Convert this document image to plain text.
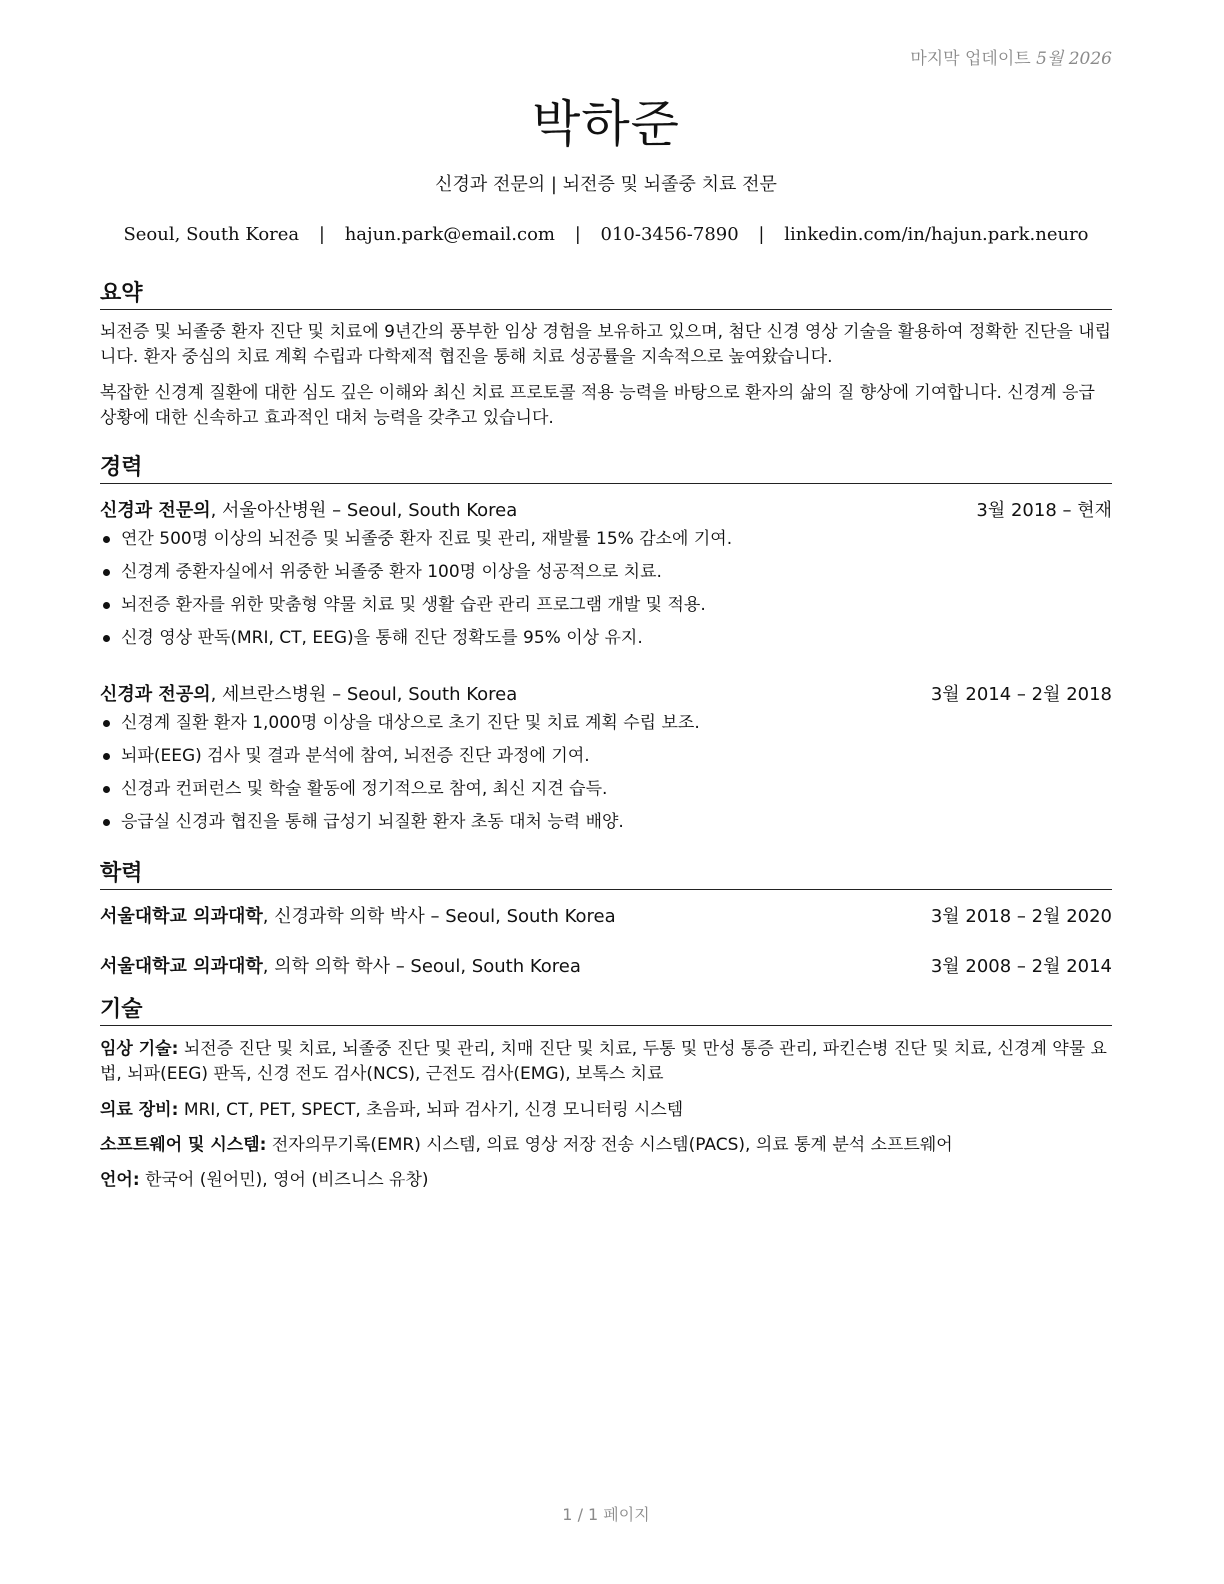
마지막 업데이트 5월 2026
박하준
신경과 전문의 | 뇌전증 및 뇌졸중 치료 전문
Seoul, South Korea | hajun.park@email.com | 010-3456-7890 | linkedin.com/in/hajun.park.neuro
요약
뇌전증 및 뇌졸중 환자 진단 및 치료에 9년간의 풍부한 임상 경험을 보유하고 있으며, 첨단 신경 영상 기술을 활용하여 정확한 진단을 내립니다. 환자 중심의 치료 계획 수립과 다학제적 협진을 통해 치료 성공률을 지속적으로 높여왔습니다.
복잡한 신경계 질환에 대한 심도 깊은 이해와 최신 치료 프로토콜 적용 능력을 바탕으로 환자의 삶의 질 향상에 기여합니다. 신경계 응급 상황에 대한 신속하고 효과적인 대처 능력을 갖추고 있습니다.
경력
신경과 전문의, 서울아산병원 – Seoul, South Korea	3월 2018 – 현재
연간 500명 이상의 뇌전증 및 뇌졸중 환자 진료 및 관리, 재발률 15% 감소에 기여.
신경계 중환자실에서 위중한 뇌졸중 환자 100명 이상을 성공적으로 치료.
뇌전증 환자를 위한 맞춤형 약물 치료 및 생활 습관 관리 프로그램 개발 및 적용.
신경 영상 판독(MRI, CT, EEG)을 통해 진단 정확도를 95% 이상 유지.
신경과 전공의, 세브란스병원 – Seoul, South Korea	3월 2014 – 2월 2018
신경계 질환 환자 1,000명 이상을 대상으로 초기 진단 및 치료 계획 수립 보조.
뇌파(EEG) 검사 및 결과 분석에 참여, 뇌전증 진단 과정에 기여.
신경과 컨퍼런스 및 학술 활동에 정기적으로 참여, 최신 지견 습득.
응급실 신경과 협진을 통해 급성기 뇌질환 환자 초동 대처 능력 배양.
학력
서울대학교 의과대학, 신경과학 의학 박사 – Seoul, South Korea	3월 2018 – 2월 2020
서울대학교 의과대학, 의학 의학 학사 – Seoul, South Korea	3월 2008 – 2월 2014
기술
임상 기술: 뇌전증 진단 및 치료, 뇌졸중 진단 및 관리, 치매 진단 및 치료, 두통 및 만성 통증 관리, 파킨슨병 진단 및 치료, 신경계 약물 요법, 뇌파(EEG) 판독, 신경 전도 검사(NCS), 근전도 검사(EMG), 보톡스 치료
의료 장비: MRI, CT, PET, SPECT, 초음파, 뇌파 검사기, 신경 모니터링 시스템
소프트웨어 및 시스템: 전자의무기록(EMR) 시스템, 의료 영상 저장 전송 시스템(PACS), 의료 통계 분석 소프트웨어
언어: 한국어 (원어민), 영어 (비즈니스 유창)
1 / 1 페이지
